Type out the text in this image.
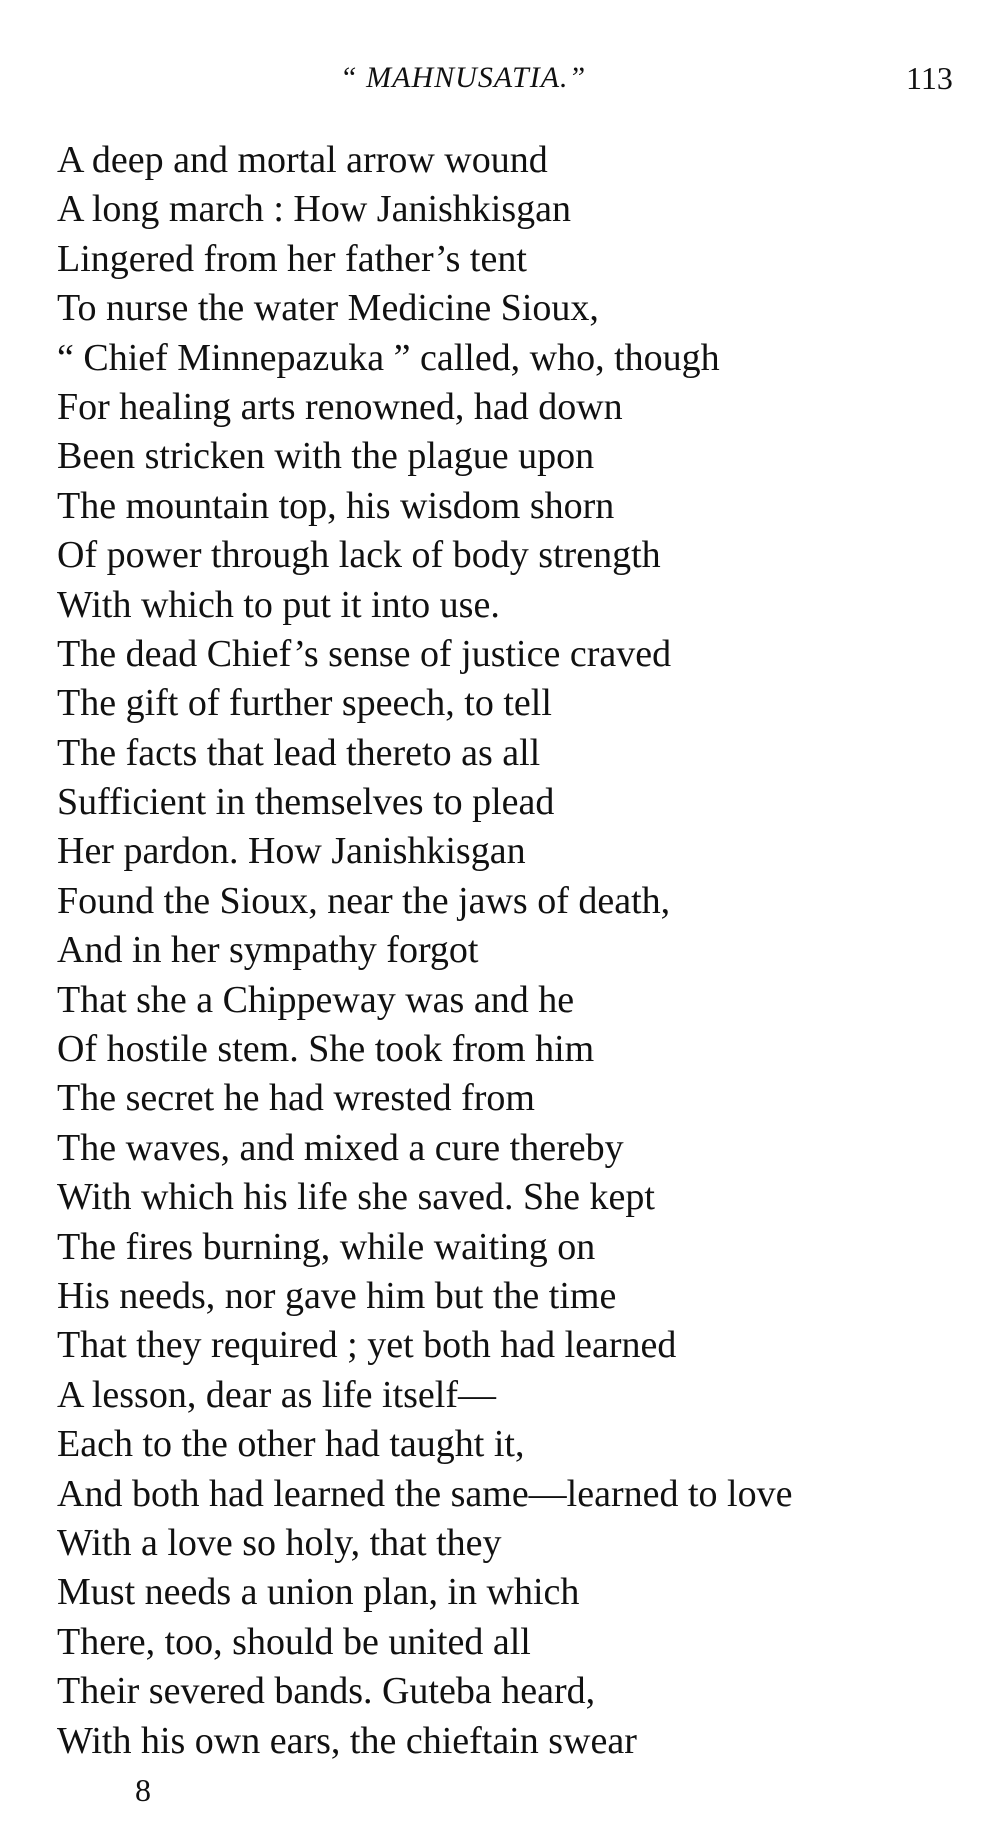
“ MAHNUSATIA.”	113
A deep and mortal arrow wound
A long march : How Janishkisgan
Lingered from her father’s tent
To nurse the water Medicine Sioux,
“ Chief Minnepazuka ” called, who, though
For healing arts renowned, had down
Been stricken with the plague upon
The mountain top, his wisdom shorn
Of power through lack of body strength
With which to put it into use.
The dead Chief’s sense of justice craved
The gift of further speech, to tell
The facts that lead thereto as all
Sufficient in themselves to plead
Her pardon. How Janishkisgan
Found the Sioux, near the jaws of death,
And in her sympathy forgot
That she a Chippeway was and he
Of hostile stem. She took from him
The secret he had wrested from
The waves, and mixed a cure thereby
With which his life she saved. She kept
The fires burning, while waiting on
His needs, nor gave him but the time
That they required ; yet both had learned
A lesson, dear as life itself—
Each to the other had taught it,
And both had learned the same—learned to love
With a love so holy, that they
Must needs a union plan, in which
There, too, should be united all
Their severed bands. Guteba heard,
With his own ears, the chieftain swear
8
